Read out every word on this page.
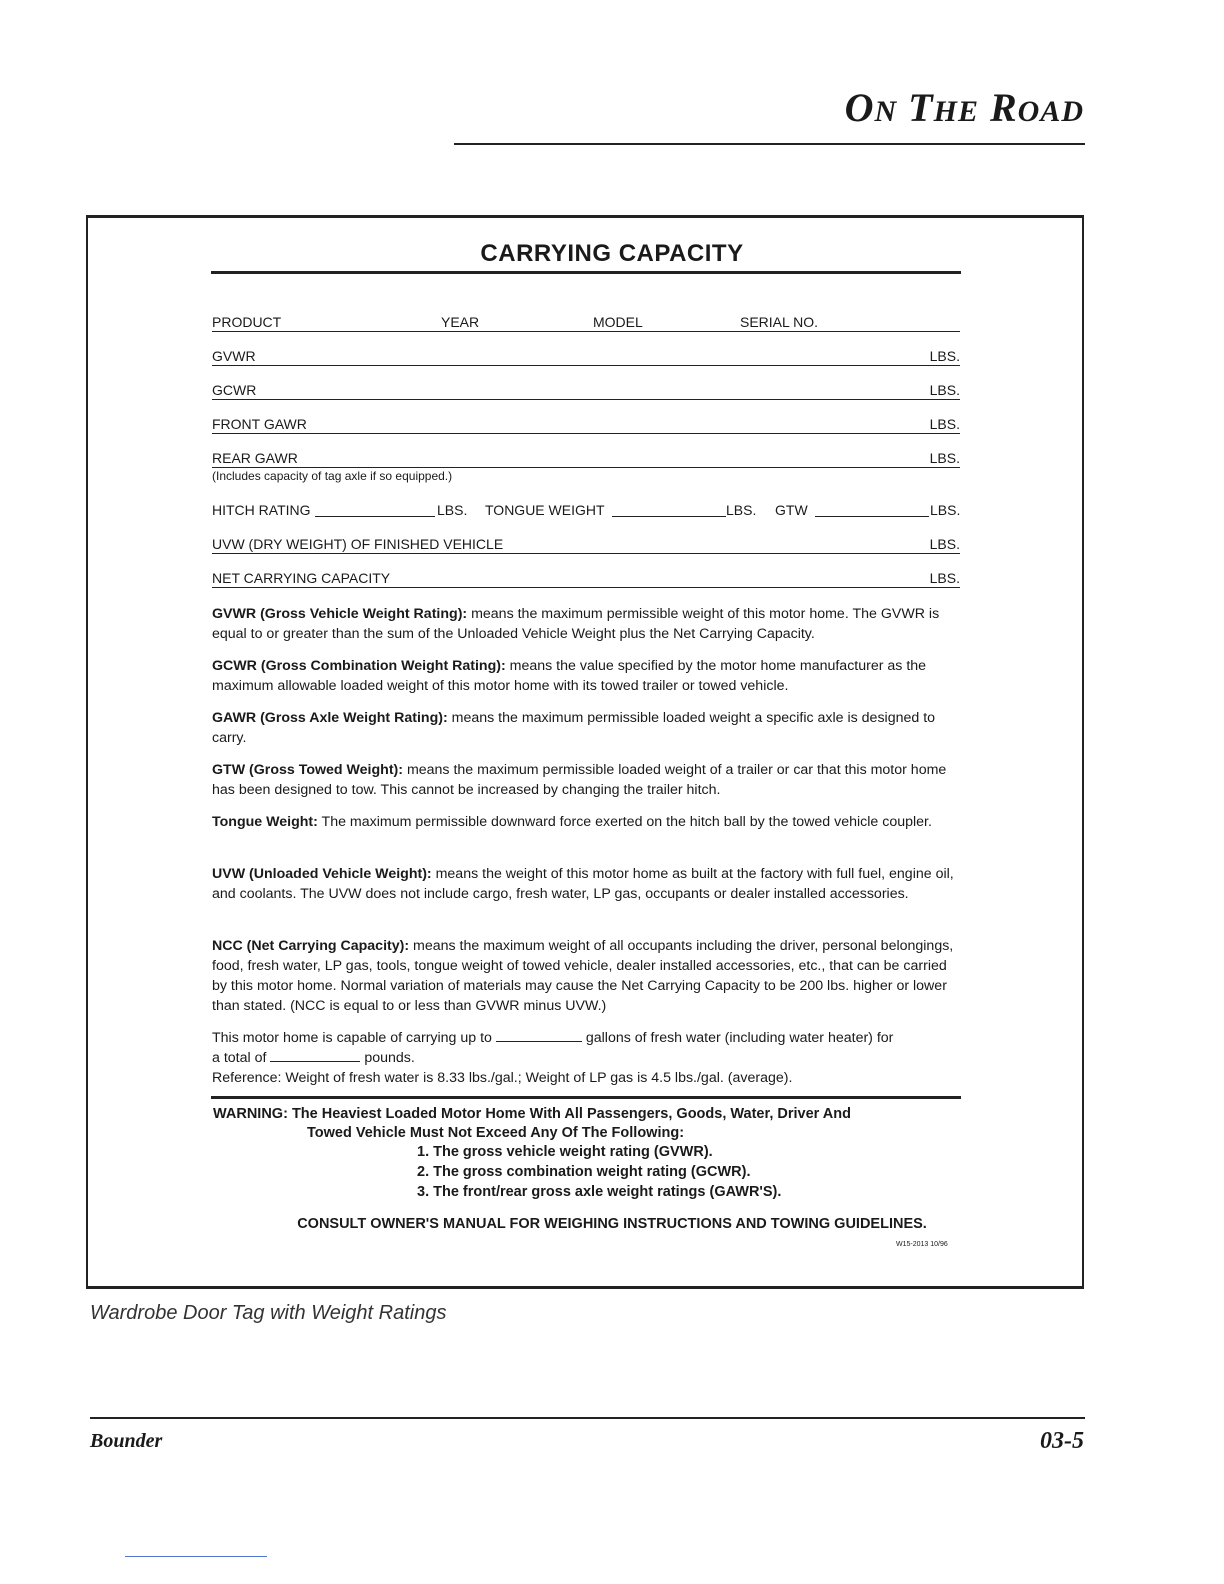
ON THE ROAD
CARRYING CAPACITY
PRODUCT	YEAR	MODEL	SERIAL NO.
GVWR	LBS.
GCWR	LBS.
FRONT GAWR	LBS.
REAR GAWR	LBS.
(Includes capacity of tag axle if so equipped.)
HITCH RATING	LBS. TONGUE WEIGHT	LBS. GTW	LBS.
UVW (DRY WEIGHT) OF FINISHED VEHICLE	LBS.
NET CARRYING CAPACITY	LBS.
GVWR (Gross Vehicle Weight Rating): means the maximum permissible weight of this motor home. The GVWR is equal to or greater than the sum of the Unloaded Vehicle Weight plus the Net Carrying Capacity.
GCWR (Gross Combination Weight Rating): means the value specified by the motor home manufacturer as the maximum allowable loaded weight of this motor home with its towed trailer or towed vehicle.
GAWR (Gross Axle Weight Rating): means the maximum permissible loaded weight a specific axle is designed to carry.
GTW (Gross Towed Weight): means the maximum permissible loaded weight of a trailer or car that this motor home has been designed to tow. This cannot be increased by changing the trailer hitch.
Tongue Weight: The maximum permissible downward force exerted on the hitch ball by the towed vehicle coupler.
UVW (Unloaded Vehicle Weight): means the weight of this motor home as built at the factory with full fuel, engine oil, and coolants. The UVW does not include cargo, fresh water, LP gas, occupants or dealer installed accessories.
NCC (Net Carrying Capacity): means the maximum weight of all occupants including the driver, personal belongings, food, fresh water, LP gas, tools, tongue weight of towed vehicle, dealer installed accessories, etc., that can be carried by this motor home. Normal variation of materials may cause the Net Carrying Capacity to be 200 lbs. higher or lower than stated. (NCC is equal to or less than GVWR minus UVW.)
This motor home is capable of carrying up to	gallons of fresh water (including water heater) for
a total of	pounds.
Reference: Weight of fresh water is 8.33 lbs./gal.; Weight of LP gas is 4.5 lbs./gal. (average).
WARNING: The Heaviest Loaded Motor Home With All Passengers, Goods, Water, Driver And
Towed Vehicle Must Not Exceed Any Of The Following:
1. The gross vehicle weight rating (GVWR).
2. The gross combination weight rating (GCWR).
3. The front/rear gross axle weight ratings (GAWR'S).
CONSULT OWNER'S MANUAL FOR WEIGHING INSTRUCTIONS AND TOWING GUIDELINES.
W15-2013 10/96
Wardrobe Door Tag with Weight Ratings
Bounder	03-5
